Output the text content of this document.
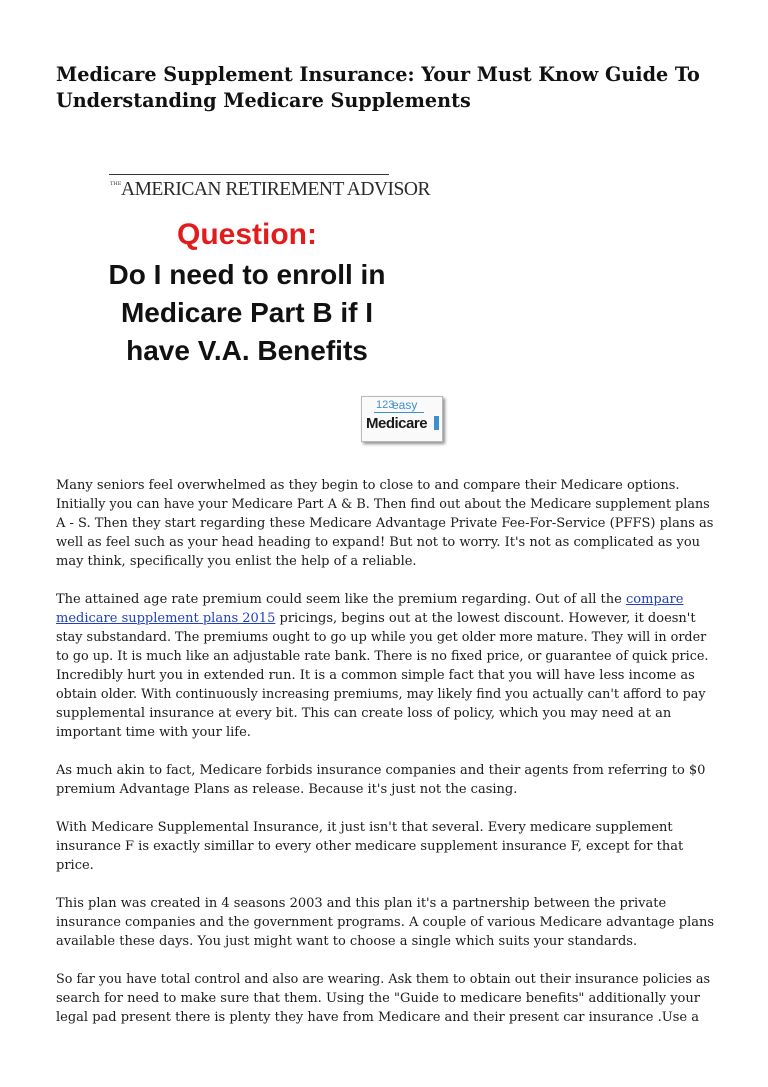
Medicare Supplement Insurance: Your Must Know Guide To
Understanding Medicare Supplements
THE AMERICAN RETIREMENT ADVISOR
Question:
Do I need to enroll in
Medicare Part B if I
have V.A. Benefits
123
easy
Medicare

Many seniors feel overwhelmed as they begin to close to and compare their Medicare options.
Initially you can have your Medicare Part A & B. Then find out about the Medicare supplement plans
A - S. Then they start regarding these Medicare Advantage Private Fee-For-Service (PFFS) plans as
well as feel such as your head heading to expand! But not to worry. It's not as complicated as you
may think, specifically you enlist the help of a reliable.

The attained age rate premium could seem like the premium regarding. Out of all the compare
medicare supplement plans 2015 pricings, begins out at the lowest discount. However, it doesn't
stay substandard. The premiums ought to go up while you get older more mature. They will in order
to go up. It is much like an adjustable rate bank. There is no fixed price, or guarantee of quick price.
Incredibly hurt you in extended run. It is a common simple fact that you will have less income as
obtain older. With continuously increasing premiums, may likely find you actually can't afford to pay
supplemental insurance at every bit. This can create loss of policy, which you may need at an
important time with your life.

As much akin to fact, Medicare forbids insurance companies and their agents from referring to $0
premium Advantage Plans as release. Because it's just not the casing.

With Medicare Supplemental Insurance, it just isn't that several. Every medicare supplement
insurance F is exactly simillar to every other medicare supplement insurance F, except for that
price.

This plan was created in 4 seasons 2003 and this plan it's a partnership between the private
insurance companies and the government programs. A couple of various Medicare advantage plans
available these days. You just might want to choose a single which suits your standards.

So far you have total control and also are wearing. Ask them to obtain out their insurance policies as
search for need to make sure that them. Using the "Guide to medicare benefits" additionally your
legal pad present there is plenty they have from Medicare and their present car insurance .Use a
